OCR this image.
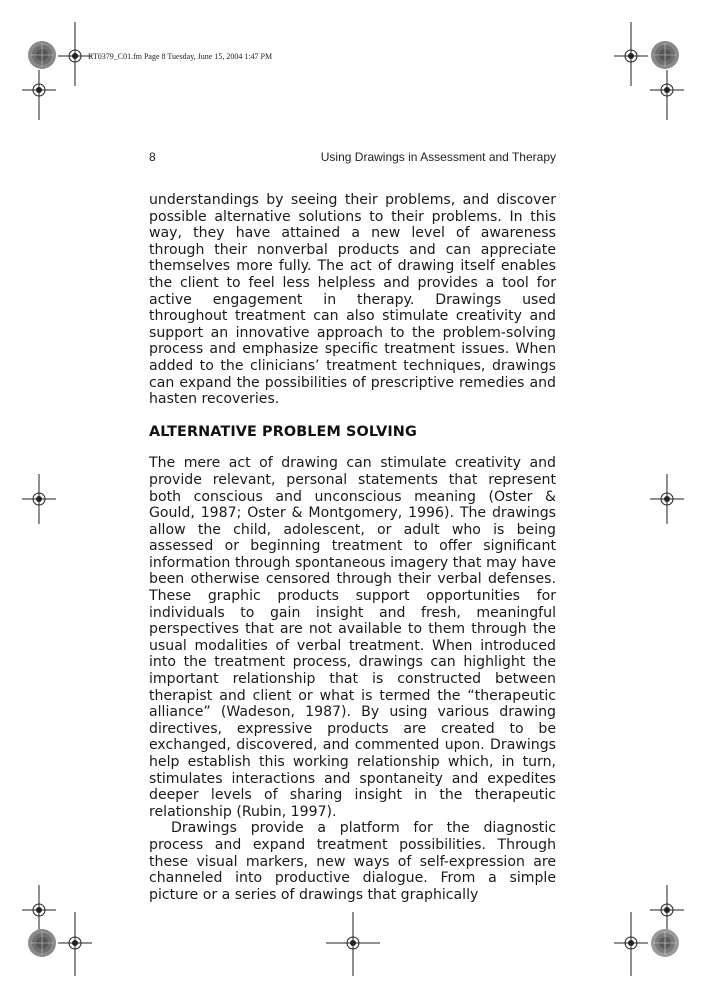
RT0379_C01.fm Page 8 Tuesday, June 15, 2004 1:47 PM
8	Using Drawings in Assessment and Therapy

understandings by seeing their problems, and discover possible alternative solutions to their problems. In this way, they have attained a new level of awareness through their nonverbal products and can appreciate themselves more fully. The act of drawing itself enables the client to feel less helpless and provides a tool for active engagement in therapy. Drawings used throughout treatment can also stimulate creativity and support an innovative approach to the problem-solving process and emphasize specific treatment issues. When added to the clinicians’ treatment techniques, drawings can expand the possibilities of prescriptive remedies and hasten recoveries.

ALTERNATIVE PROBLEM SOLVING

The mere act of drawing can stimulate creativity and provide relevant, personal statements that represent both conscious and unconscious meaning (Oster & Gould, 1987; Oster & Montgomery, 1996). The drawings allow the child, adolescent, or adult who is being assessed or beginning treatment to offer significant information through spontaneous imagery that may have been otherwise censored through their verbal defenses. These graphic products support opportunities for individuals to gain insight and fresh, meaningful perspectives that are not available to them through the usual modalities of verbal treatment. When introduced into the treatment process, drawings can highlight the important relationship that is constructed between therapist and client or what is termed the “therapeutic alliance” (Wadeson, 1987). By using various drawing directives, expressive products are created to be exchanged, discovered, and commented upon. Drawings help establish this working relationship which, in turn, stimulates interactions and spontaneity and expedites deeper levels of sharing insight in the therapeutic relationship (Rubin, 1997).

Drawings provide a platform for the diagnostic process and expand treatment possibilities. Through these visual markers, new ways of self-expression are channeled into productive dialogue. From a simple picture or a series of drawings that graphically
